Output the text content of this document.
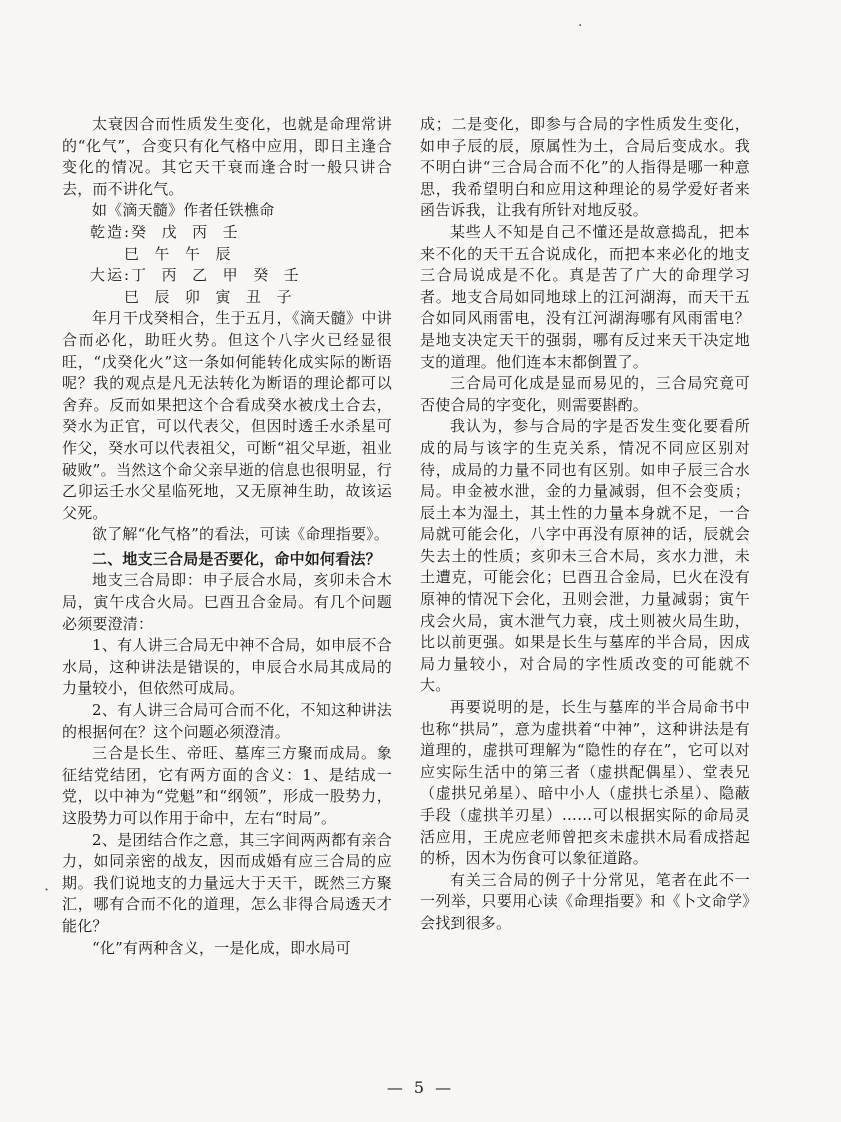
·
·

太衰因合而性质发生变化，也就是命理常讲的“化气”，合变只有化气格中应用，即日主逢合变化的情况。其它天干衰而逢合时一般只讲合去，而不讲化气。

如《滴天髓》作者任铁樵命

乾造:癸  戊  丙  壬

巳  午  午  辰

大运:丁  丙  乙  甲  癸  壬

巳  辰  卯  寅  丑  子

年月干戊癸相合，生于五月，《滴天髓》中讲合而必化，助旺火势。但这个八字火已经显很旺，“戊癸化火”这一条如何能转化成实际的断语呢？我的观点是凡无法转化为断语的理论都可以舍弃。反而如果把这个合看成癸水被戊土合去，癸水为正官，可以代表父，但因时透壬水杀星可作父，癸水可以代表祖父，可断“祖父早逝，祖业破败”。当然这个命父亲早逝的信息也很明显，行乙卯运壬水父星临死地，又无原神生助，故该运父死。

欲了解“化气格”的看法，可读《命理指要》。

二、地支三合局是否要化，命中如何看法？

地支三合局即：申子辰合水局，亥卯未合木局，寅午戌合火局。巳酉丑合金局。有几个问题必须要澄清：

1、有人讲三合局无中神不合局，如申辰不合水局，这种讲法是错误的，申辰合水局其成局的力量较小，但依然可成局。

2、有人讲三合局可合而不化，不知这种讲法的根据何在？这个问题必须澄清。

三合是长生、帝旺、墓库三方聚而成局。象征结党结团，它有两方面的含义：1、是结成一党，以中神为“党魁”和“纲领”，形成一股势力，这股势力可以作用于命中，左右“时局”。

2、是团结合作之意，其三字间两两都有亲合力，如同亲密的战友，因而成婚有应三合局的应期。我们说地支的力量远大于天干，既然三方聚汇，哪有合而不化的道理，怎么非得合局透天才能化？

“化”有两种含义，一是化成，即水局可

成；二是变化，即参与合局的字性质发生变化，如申子辰的辰，原属性为土，合局后变成水。我不明白讲“三合局合而不化”的人指得是哪一种意思，我希望明白和应用这种理论的易学爱好者来函告诉我，让我有所针对地反驳。

某些人不知是自己不懂还是故意捣乱，把本来不化的天干五合说成化，而把本来必化的地支三合局说成是不化。真是苦了广大的命理学习者。地支合局如同地球上的江河湖海，而天干五合如同风雨雷电，没有江河湖海哪有风雨雷电？是地支决定天干的强弱，哪有反过来天干决定地支的道理。他们连本末都倒置了。

三合局可化成是显而易见的，三合局究竟可否使合局的字变化，则需要斟酌。

我认为，参与合局的字是否发生变化要看所成的局与该字的生克关系，情况不同应区别对待，成局的力量不同也有区别。如申子辰三合水局。申金被水泄，金的力量减弱，但不会变质；辰土本为湿土，其土性的力量本身就不足，一合局就可能会化，八字中再没有原神的话，辰就会失去土的性质；亥卯未三合木局，亥水力泄，未土遭克，可能会化；巳酉丑合金局，巳火在没有原神的情况下会化，丑则会泄，力量减弱；寅午戌会火局，寅木泄气力衰，戌土则被火局生助，比以前更强。如果是长生与墓库的半合局，因成局力量较小，对合局的字性质改变的可能就不大。

再要说明的是，长生与墓库的半合局命书中也称“拱局”，意为虚拱着“中神”，这种讲法是有道理的，虚拱可理解为“隐性的存在”，它可以对应实际生活中的第三者（虚拱配偶星）、堂表兄（虚拱兄弟星）、暗中小人（虚拱七杀星）、隐蔽手段（虚拱羊刃星）……可以根据实际的命局灵活应用，王虎应老师曾把亥未虚拱木局看成搭起的桥，因木为伤食可以象征道路。

有关三合局的例子十分常见，笔者在此不一一列举，只要用心读《命理指要》和《卜文命学》会找到很多。

— 5 —
